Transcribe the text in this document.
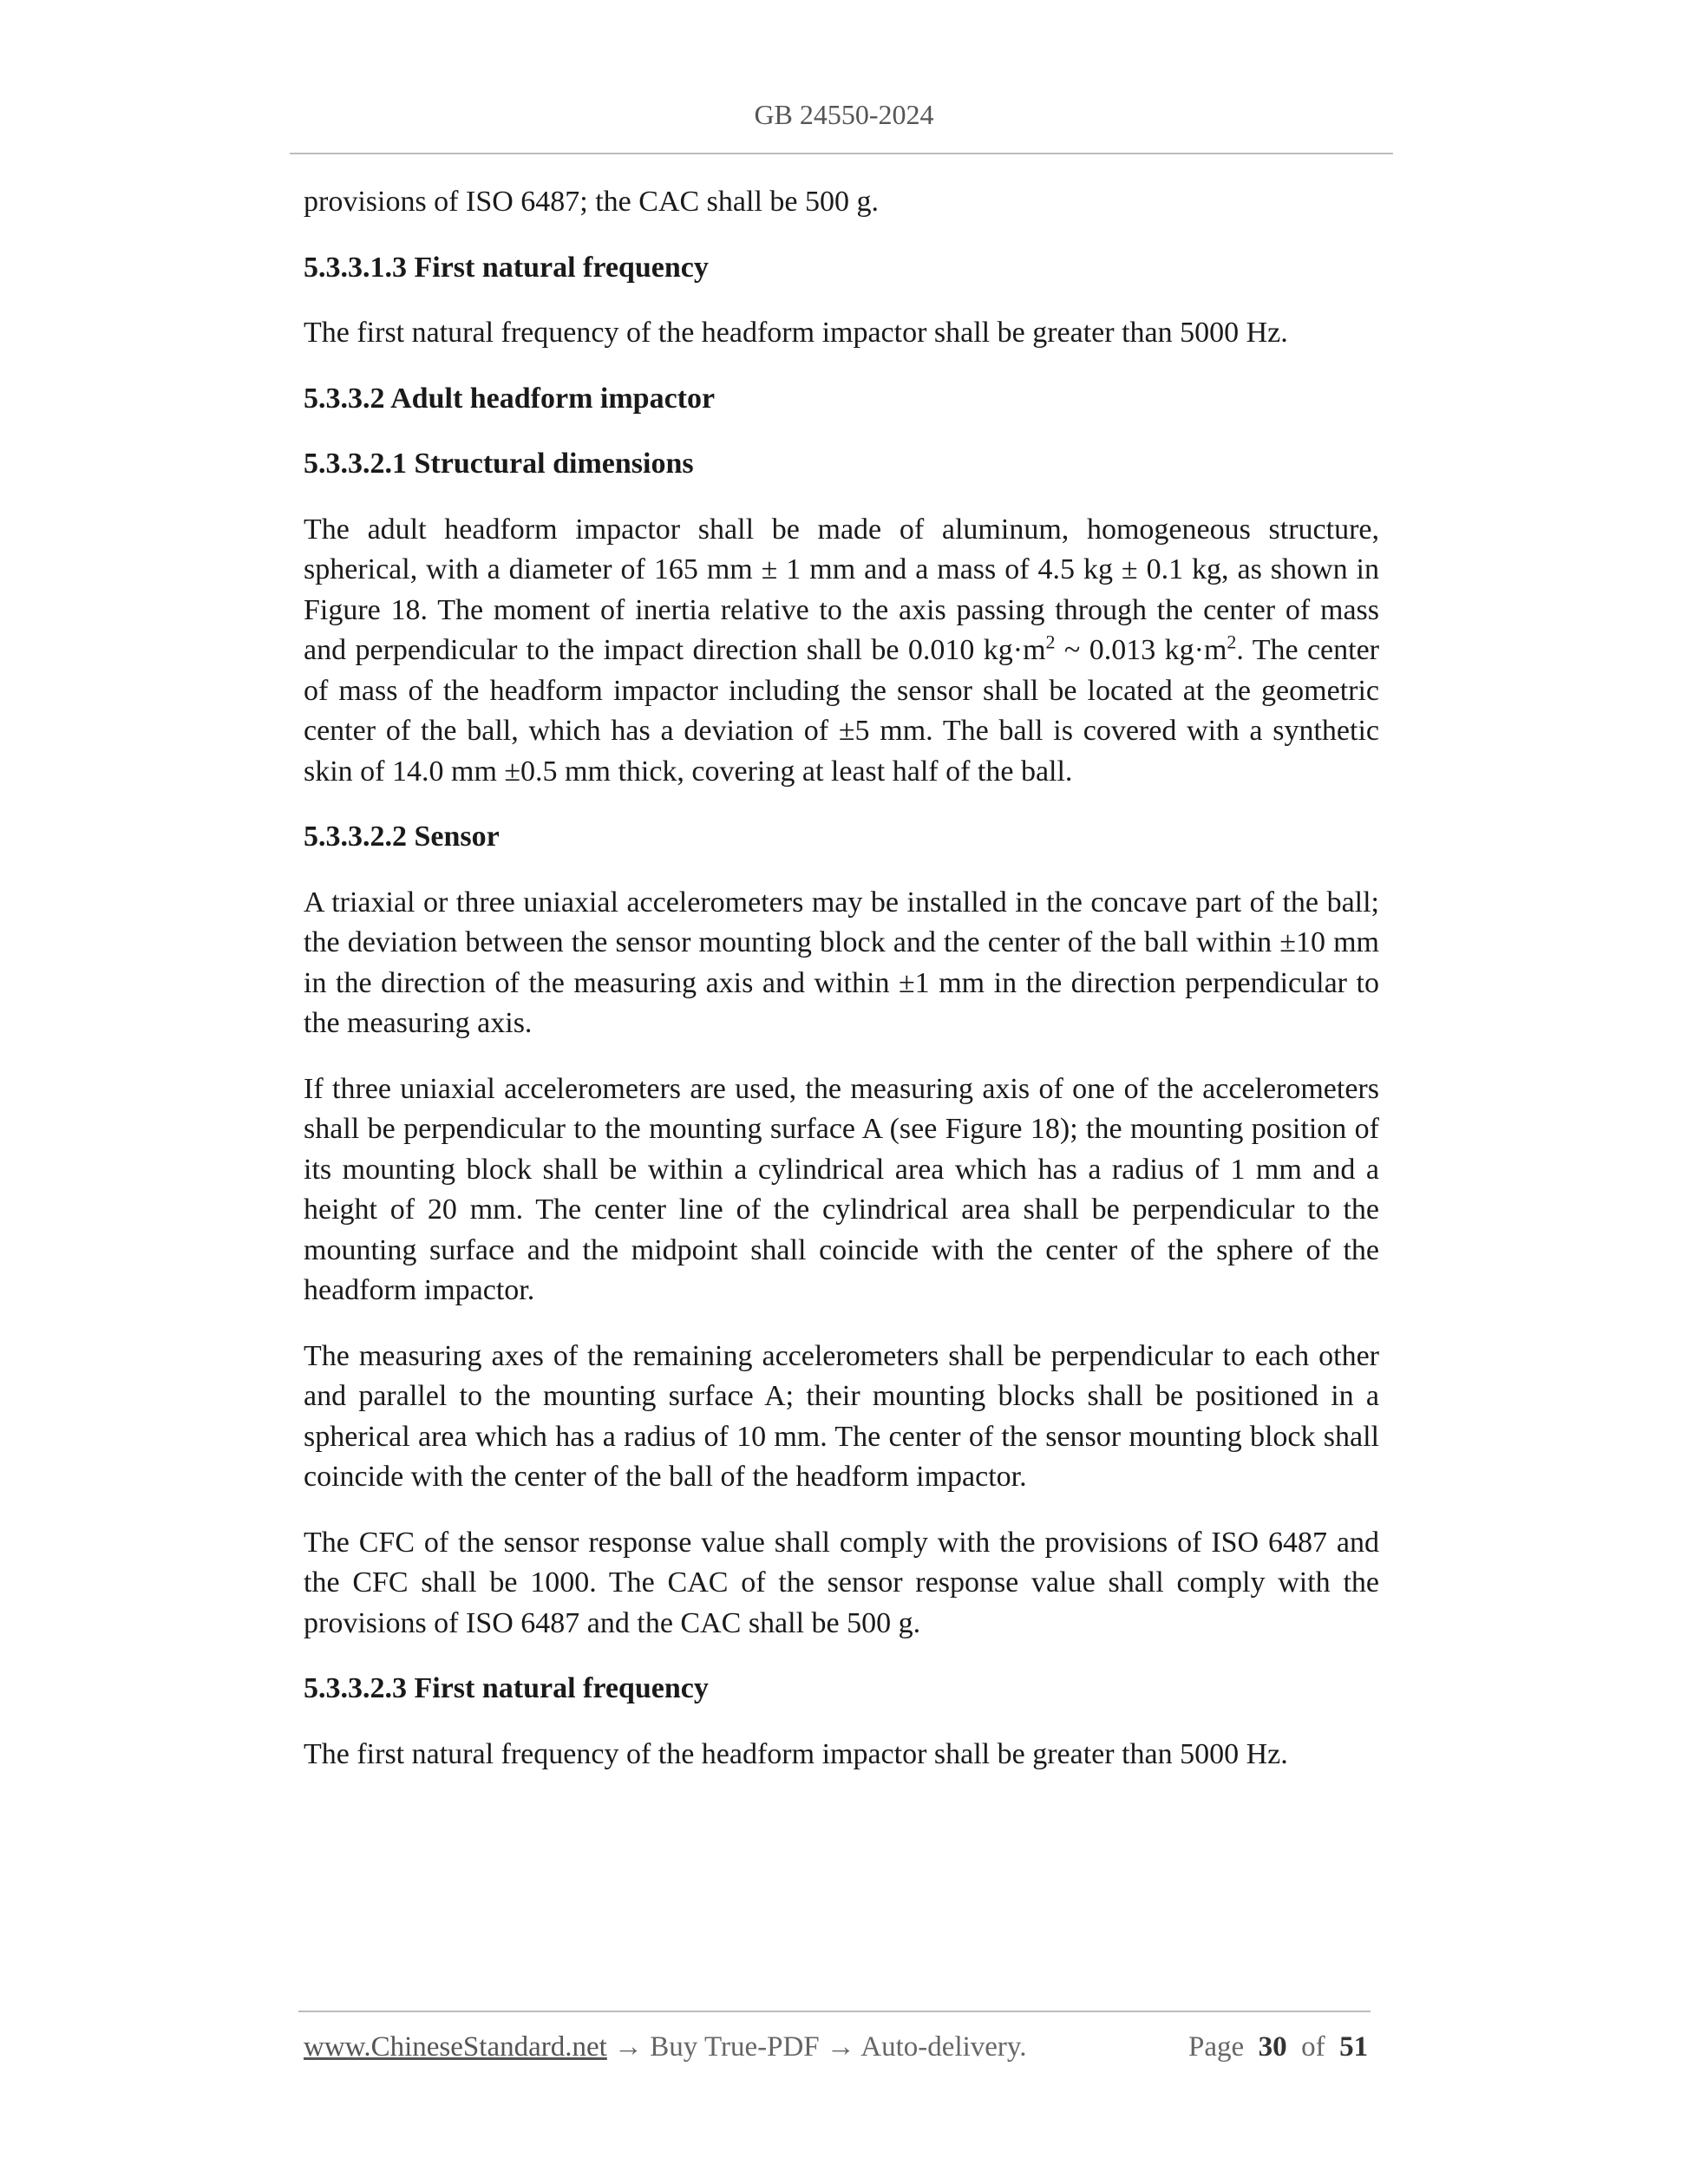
GB 24550-2024

provisions of ISO 6487; the CAC shall be 500 g.

5.3.3.1.3 First natural frequency

The first natural frequency of the headform impactor shall be greater than 5000 Hz.

5.3.3.2 Adult headform impactor

5.3.3.2.1 Structural dimensions

The adult headform impactor shall be made of aluminum, homogeneous structure, spherical, with a diameter of 165 mm ± 1 mm and a mass of 4.5 kg ± 0.1 kg, as shown in Figure 18. The moment of inertia relative to the axis passing through the center of mass and perpendicular to the impact direction shall be 0.010 $kg\cdot m^2$ ~ 0.013 $kg\cdot m^2$. The center of mass of the headform impactor including the sensor shall be located at the geometric center of the ball, which has a deviation of ±5 mm. The ball is covered with a synthetic skin of 14.0 mm ±0.5 mm thick, covering at least half of the ball.

5.3.3.2.2 Sensor

A triaxial or three uniaxial accelerometers may be installed in the concave part of the ball; the deviation between the sensor mounting block and the center of the ball within ±10 mm in the direction of the measuring axis and within ±1 mm in the direction perpendicular to the measuring axis.

If three uniaxial accelerometers are used, the measuring axis of one of the accelerometers shall be perpendicular to the mounting surface A (see Figure 18); the mounting position of its mounting block shall be within a cylindrical area which has a radius of 1 mm and a height of 20 mm. The center line of the cylindrical area shall be perpendicular to the mounting surface and the midpoint shall coincide with the center of the sphere of the headform impactor.

The measuring axes of the remaining accelerometers shall be perpendicular to each other and parallel to the mounting surface A; their mounting blocks shall be positioned in a spherical area which has a radius of 10 mm. The center of the sensor mounting block shall coincide with the center of the ball of the headform impactor.

The CFC of the sensor response value shall comply with the provisions of ISO 6487 and the CFC shall be 1000. The CAC of the sensor response value shall comply with the provisions of ISO 6487 and the CAC shall be 500 g.

5.3.3.2.3 First natural frequency

The first natural frequency of the headform impactor shall be greater than 5000 Hz.

www.ChineseStandard.net → Buy True-PDF → Auto-delivery.	Page 30 of 51
